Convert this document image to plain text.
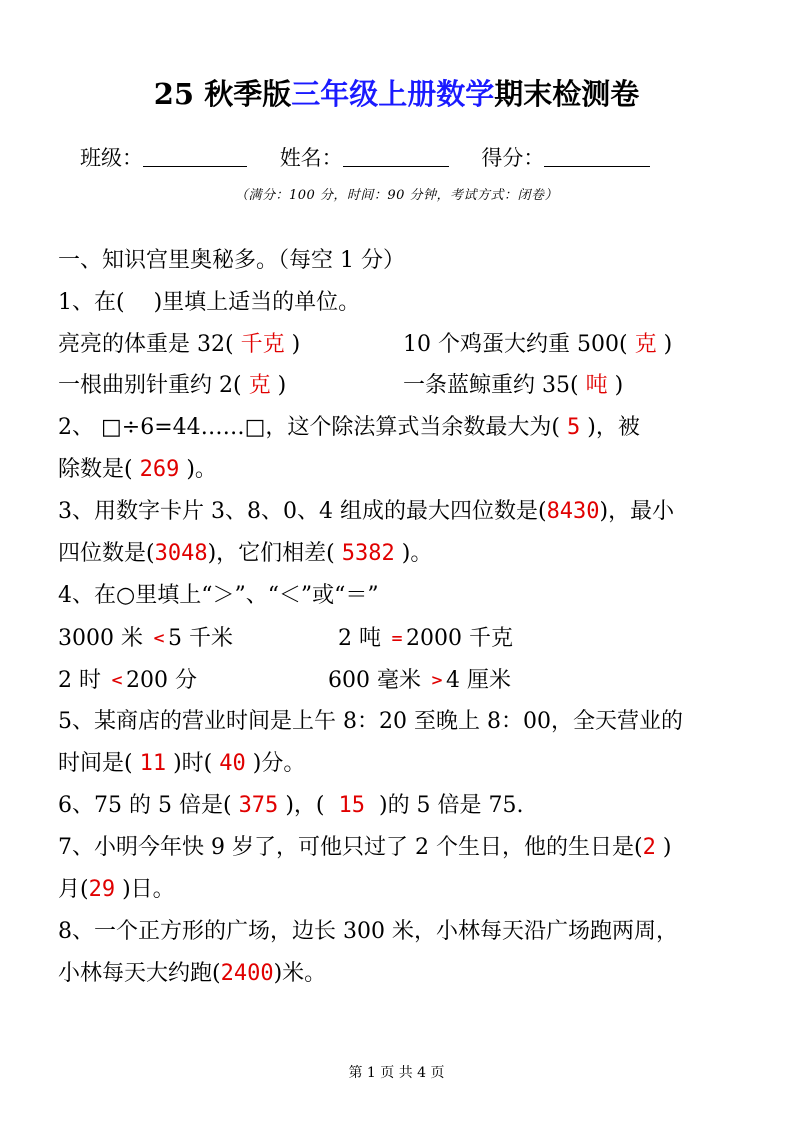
25 秋季版三年级上册数学期末检测卷
班级：	姓名：	得分：
（满分：100 分，时间：90 分钟，考试方式：闭卷）
一、知识宫里奥秘多。（每空 1 分）
1、在(　 )里填上适当的单位。
亮亮的体重是 32( 千克 )	10 个鸡蛋大约重 500( 克 )
一根曲别针重约 2( 克 )	一条蓝鲸重约 35( 吨 )
2、 □÷6=44……□，这个除法算式当余数最大为( 5 )，被
除数是( 269 )。
3、用数字卡片 3、8、0、4 组成的最大四位数是(8430)，最小
四位数是(3048)，它们相差( 5382 )。
4、在○里填上“＞”、“＜”或“＝”
3000 米 < 5 千米	2 吨 = 2000 千克
2 时 < 200 分	600 毫米 > 4 厘米
5、某商店的营业时间是上午 8：20 至晚上 8：00，全天营业的
时间是( 11 )时( 40 )分。
6、75 的 5 倍是( 375 )，( 15 )的 5 倍是 75.
7、小明今年快 9 岁了，可他只过了 2 个生日，他的生日是(2 )
月(29 )日。
8、一个正方形的广场，边长 300 米，小林每天沿广场跑两周，
小林每天大约跑(2400)米。
第 1 页 共 4 页
